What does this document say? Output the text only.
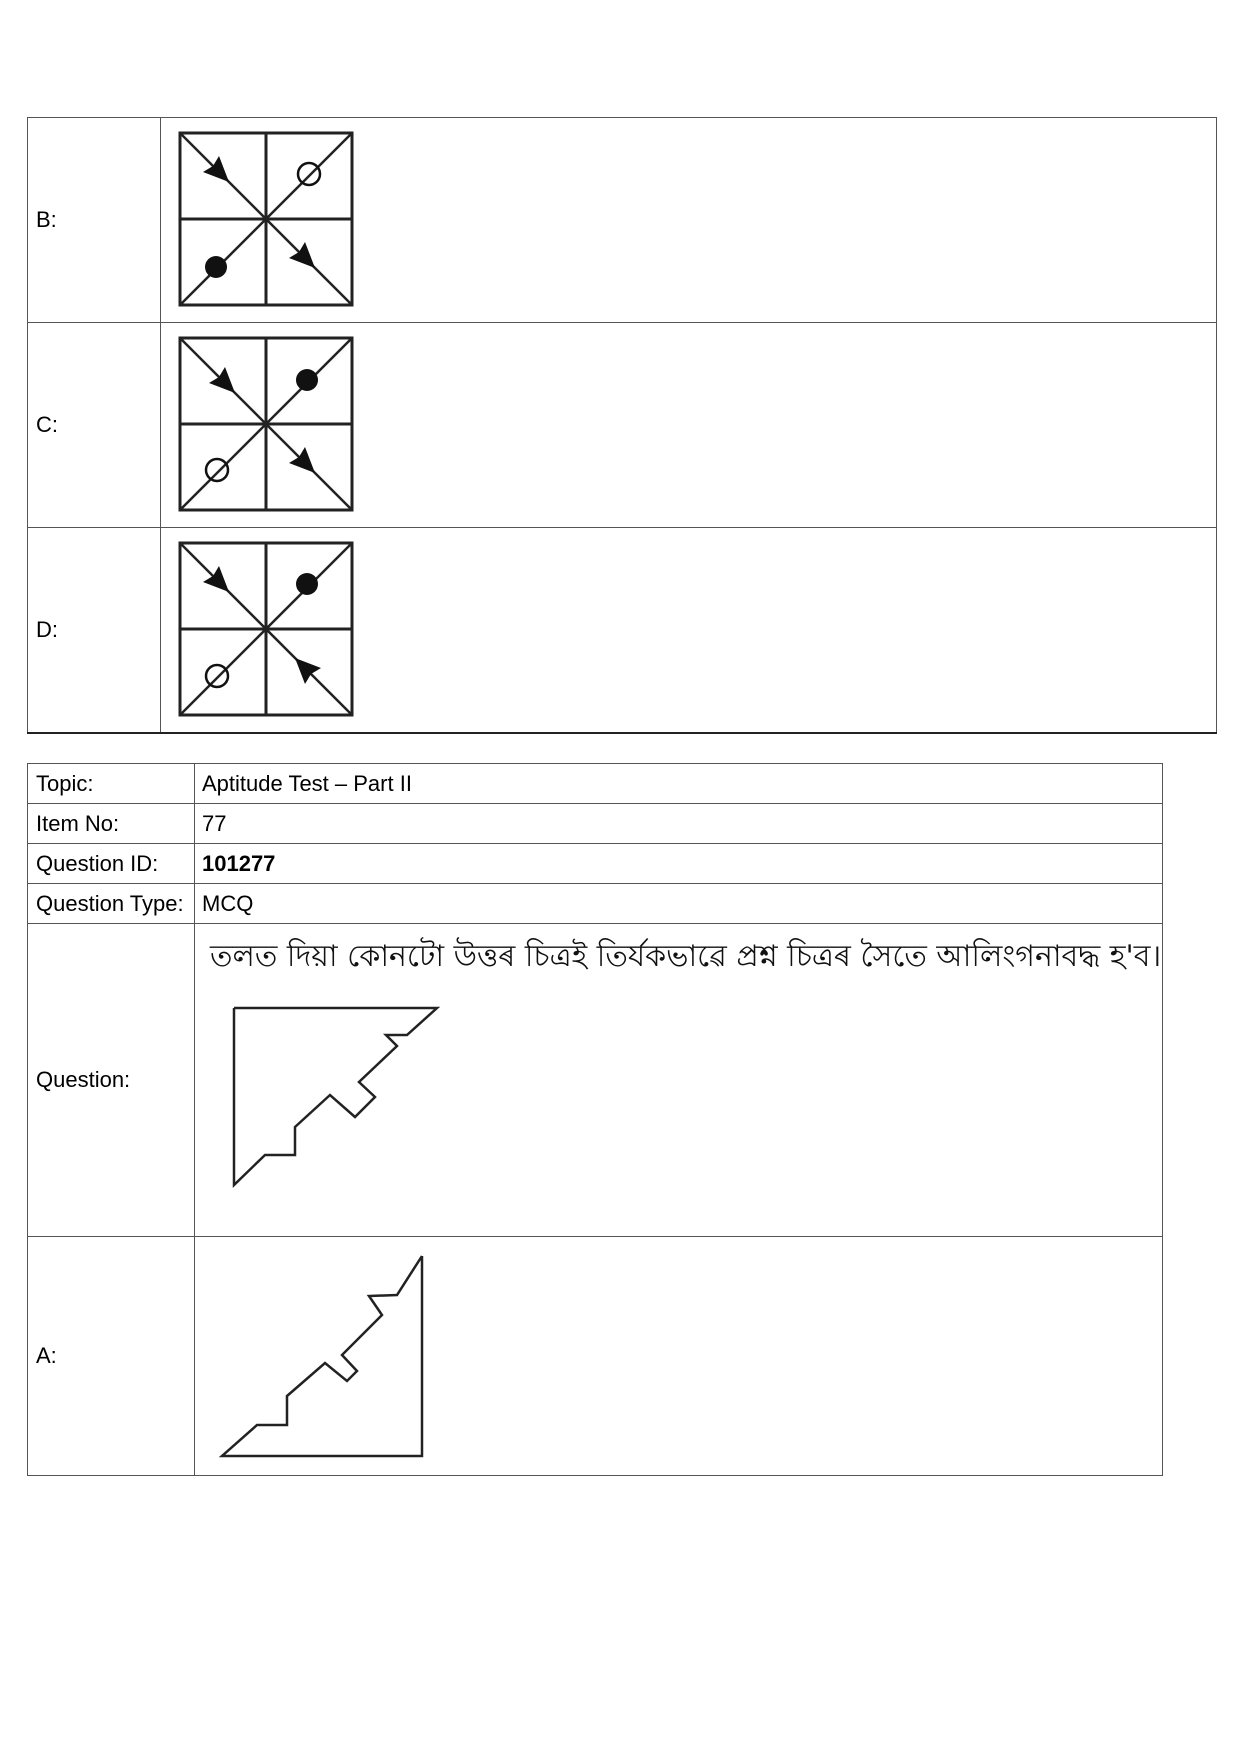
B:	

C:	

D:	
Topic:	Aptitude Test – Part II
Item No:	77
Question ID:	101277
Question Type:	MCQ
Question:	তলত দিয়া কোনটো উত্তৰ চিত্ৰই তিৰ্যকভাৱে প্ৰশ্ন চিত্ৰৰ সৈতে আলিংগনাবদ্ধ হ'ব।

A:	
